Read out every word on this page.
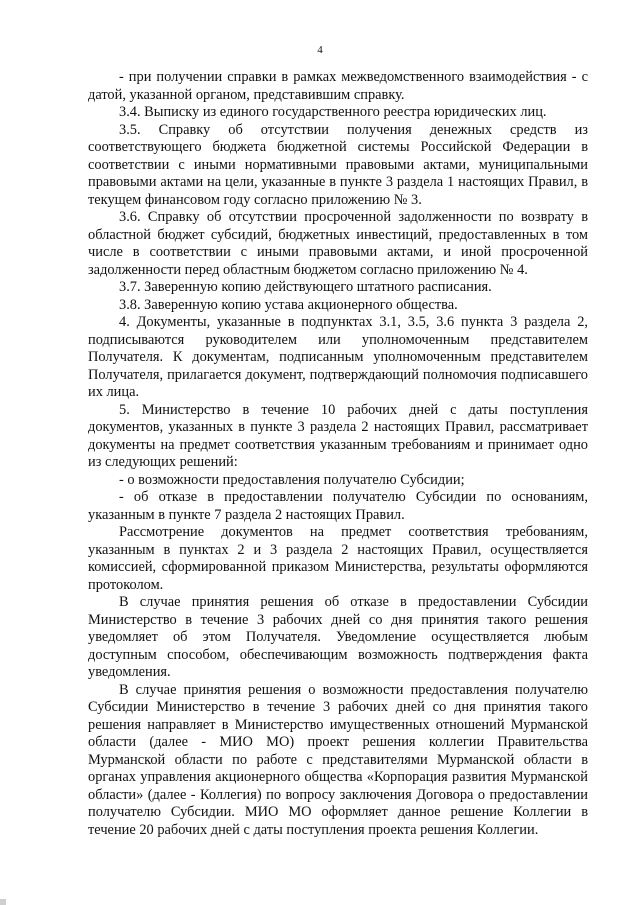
4

- при получении справки в рамках межведомственного взаимодействия - с датой, указанной органом, представившим справку.

3.4. Выписку из единого государственного реестра юридических лиц.

3.5. Справку об отсутствии получения денежных средств из соответствующего бюджета бюджетной системы Российской Федерации в соответствии с иными нормативными правовыми актами, муниципальными правовыми актами на цели, указанные в пункте 3 раздела 1 настоящих Правил, в текущем финансовом году согласно приложению № 3.

3.6. Справку об отсутствии просроченной задолженности по возврату в областной бюджет субсидий, бюджетных инвестиций, предоставленных в том числе в соответствии с иными правовыми актами, и иной просроченной задолженности перед областным бюджетом согласно приложению № 4.

3.7. Заверенную копию действующего штатного расписания.

3.8. Заверенную копию устава акционерного общества.

4. Документы, указанные в подпунктах 3.1, 3.5, 3.6 пункта 3 раздела 2, подписываются руководителем или уполномоченным представителем Получателя. К документам, подписанным уполномоченным представителем Получателя, прилагается документ, подтверждающий полномочия подписавшего их лица.

5. Министерство в течение 10 рабочих дней с даты поступления документов, указанных в пункте 3 раздела 2 настоящих Правил, рассматривает документы на предмет соответствия указанным требованиям и принимает одно из следующих решений:

- о возможности предоставления получателю Субсидии;

- об отказе в предоставлении получателю Субсидии по основаниям, указанным в пункте 7 раздела 2 настоящих Правил.

Рассмотрение документов на предмет соответствия требованиям, указанным в пунктах 2 и 3 раздела 2 настоящих Правил, осуществляется комиссией, сформированной приказом Министерства, результаты оформляются протоколом.

В случае принятия решения об отказе в предоставлении Субсидии Министерство в течение 3 рабочих дней со дня принятия такого решения уведомляет об этом Получателя. Уведомление осуществляется любым доступным способом, обеспечивающим возможность подтверждения факта уведомления.

В случае принятия решения о возможности предоставления получателю Субсидии Министерство в течение 3 рабочих дней со дня принятия такого решения направляет в Министерство имущественных отношений Мурманской области (далее - МИО МО) проект решения коллегии Правительства Мурманской области по работе с представителями Мурманской области в органах управления акционерного общества «Корпорация развития Мурманской области» (далее - Коллегия) по вопросу заключения Договора о предоставлении получателю Субсидии. МИО МО оформляет данное решение Коллегии в течение 20 рабочих дней с даты поступления проекта решения Коллегии.
